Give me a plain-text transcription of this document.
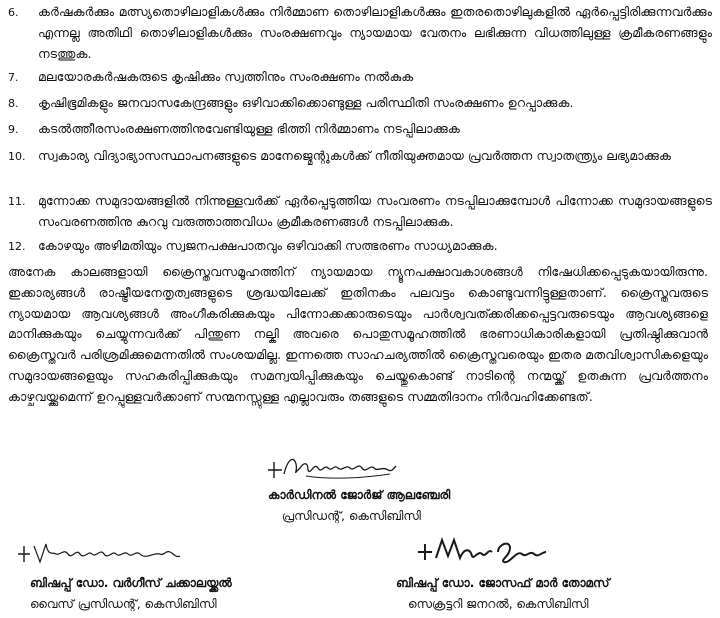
6.	കർഷകർക്കും മത്സ്യതൊഴിലാളികൾക്കും നിർമ്മാണ തൊഴിലാളികൾക്കും ഇതരതൊഴിലുകളിൽ ഏർപ്പെട്ടിരിക്കുന്നവർക്കും എന്നല്ല അതിഥി തൊഴിലാളികൾക്കും സംരക്ഷണവും ന്യായമായ വേതനം ലഭിക്കുന്ന വിധത്തിലുള്ള ക്രമീകരണങ്ങളും നടത്തുക.
7.	മലയോരകർഷകരുടെ കൃഷിക്കും സ്വത്തിനും സംരക്ഷണം നൽകുക
8.	കൃഷിഭൂമികളും ജനവാസകേന്ദ്രങ്ങളും ഒഴിവാക്കിക്കൊണ്ടുള്ള പരിസ്ഥിതി സംരക്ഷണം ഉറപ്പാക്കുക.
9.	കടൽത്തീരസംരക്ഷണത്തിനുവേണ്ടിയുള്ള ഭിത്തി നിർമ്മാണം നടപ്പിലാക്കുക
10. സ്വകാര്യ വിദ്യാഭ്യാസസ്ഥാപനങ്ങളുടെ മാനേജ്മെന്റുകൾക്ക് നീതിയുക്തമായ പ്രവർത്തന സ്വാതന്ത്ര്യം ലഭ്യമാക്കുക
11. മുന്നോക്ക സമുദായങ്ങളിൽ നിന്നുള്ളവർക്ക് ഏർപ്പെടുത്തിയ സംവരണം നടപ്പിലാക്കുമ്പോൾ പിന്നോക്ക സമുദായങ്ങളുടെ സംവരണത്തിനു കുറവു വരുത്താത്തവിധം ക്രമീകരണങ്ങൾ നടപ്പിലാക്കുക.
12. കോഴയും അഴിമതിയും സ്വജനപക്ഷപാതവും ഒഴിവാക്കി സത്ഭരണം സാധ്യമാക്കുക.
അനേക കാലങ്ങളായി ക്രൈസ്തവസമൂഹത്തിന് ന്യായമായ ന്യൂനപക്ഷാവകാശങ്ങൾ നിഷേധിക്കപ്പെടുകയായിരുന്നു. ഇക്കാര്യങ്ങൾ രാഷ്ട്രീയനേതൃത്വങ്ങളുടെ ശ്രദ്ധയിലേക്ക് ഇതിനകം പലവട്ടം കൊണ്ടുവന്നിട്ടുള്ളതാണ്. ക്രൈസ്തവരുടെ ന്യായമായ ആവശ്യങ്ങൾ അംഗീകരിക്കുകയും പിന്നോക്കക്കാരുടെയും പാർശ്വവത്ക്കരിക്കപ്പെട്ടവരുടെയും ആവശ്യങ്ങളെ മാനിക്കുകയും ചെയ്യുന്നവർക്ക് പിന്തുണ നല്കി അവരെ പൊതുസമൂഹത്തിൽ ഭരണാധികാരികളായി പ്രതിഷ്ഠിക്കുവാൻ ക്രൈസ്തവർ പരിശ്രമിക്കുമെന്നതിൽ സംശയമില്ല. ഇന്നത്തെ സാഹചര്യത്തിൽ ക്രൈസ്തവരെയും ഇതര മതവിശ്വാസികളെയും സമുദായങ്ങളെയും സഹകരിപ്പിക്കുകയും സമന്വയിപ്പിക്കുകയും ചെയ്തുകൊണ്ട് നാടിന്റെ നന്മയ്ക്ക് ഉതകുന്ന പ്രവർത്തനം കാഴ്ചവയ്ക്കുമെന്ന് ഉറപ്പുള്ളവർക്കാണ് സന്മനസ്സുള്ള എല്ലാവരും തങ്ങളുടെ സമ്മതിദാനം നിർവഹിക്കേണ്ടത്.
കാർഡിനൽ ജോർജ് ആലഞ്ചേരി
പ്രസിഡന്റ്, കെസിബിസി
ബിഷപ്പ് ഡോ. വർഗീസ് ചക്കാലയ്ക്കൽ
വൈസ് പ്രസിഡന്റ്, കെസിബിസി
ബിഷപ്പ് ഡോ. ജോസഫ് മാർ തോമസ്
സെക്രട്ടറി ജനറൽ, കെസിബിസി
